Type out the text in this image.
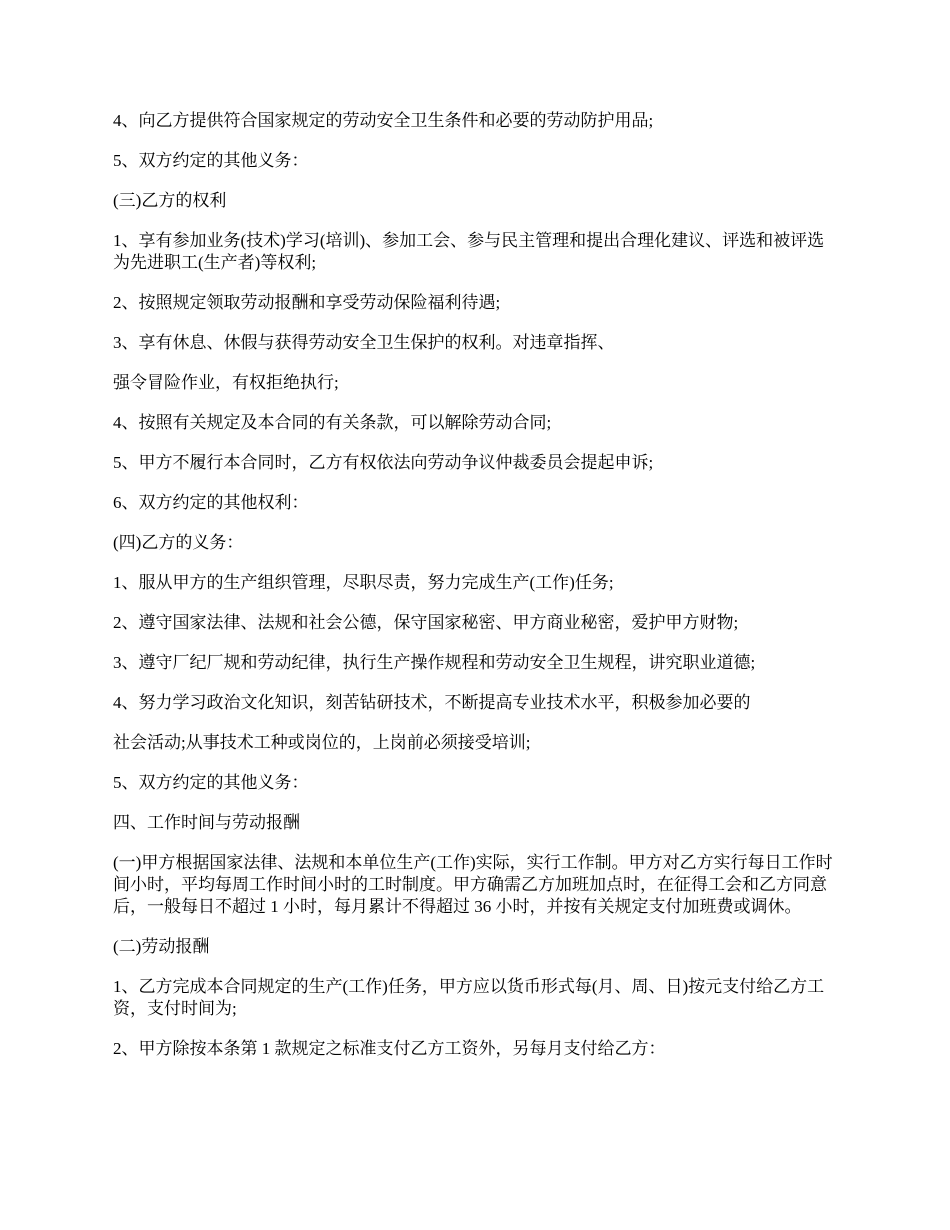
4、向乙方提供符合国家规定的劳动安全卫生条件和必要的劳动防护用品;

5、双方约定的其他义务：

(三)乙方的权利

1、享有参加业务(技术)学习(培训)、参加工会、参与民主管理和提出合理化建议、评选和被评选为先进职工(生产者)等权利;

2、按照规定领取劳动报酬和享受劳动保险福利待遇;

3、享有休息、休假与获得劳动安全卫生保护的权利。对违章指挥、

强令冒险作业，有权拒绝执行;

4、按照有关规定及本合同的有关条款，可以解除劳动合同;

5、甲方不履行本合同时，乙方有权依法向劳动争议仲裁委员会提起申诉;

6、双方约定的其他权利：

(四)乙方的义务：

1、服从甲方的生产组织管理，尽职尽责，努力完成生产(工作)任务;

2、遵守国家法律、法规和社会公德，保守国家秘密、甲方商业秘密，爱护甲方财物;

3、遵守厂纪厂规和劳动纪律，执行生产操作规程和劳动安全卫生规程，讲究职业道德;

4、努力学习政治文化知识，刻苦钻研技术，不断提高专业技术水平，积极参加必要的

社会活动;从事技术工种或岗位的，上岗前必须接受培训;

5、双方约定的其他义务：

四、工作时间与劳动报酬

(一)甲方根据国家法律、法规和本单位生产(工作)实际，实行工作制。甲方对乙方实行每日工作时间小时，平均每周工作时间小时的工时制度。甲方确需乙方加班加点时，在征得工会和乙方同意后，一般每日不超过 1 小时，每月累计不得超过 36 小时，并按有关规定支付加班费或调休。

(二)劳动报酬

1、乙方完成本合同规定的生产(工作)任务，甲方应以货币形式每(月、周、日)按元支付给乙方工资，支付时间为;

2、甲方除按本条第 1 款规定之标准支付乙方工资外，另每月支付给乙方：
